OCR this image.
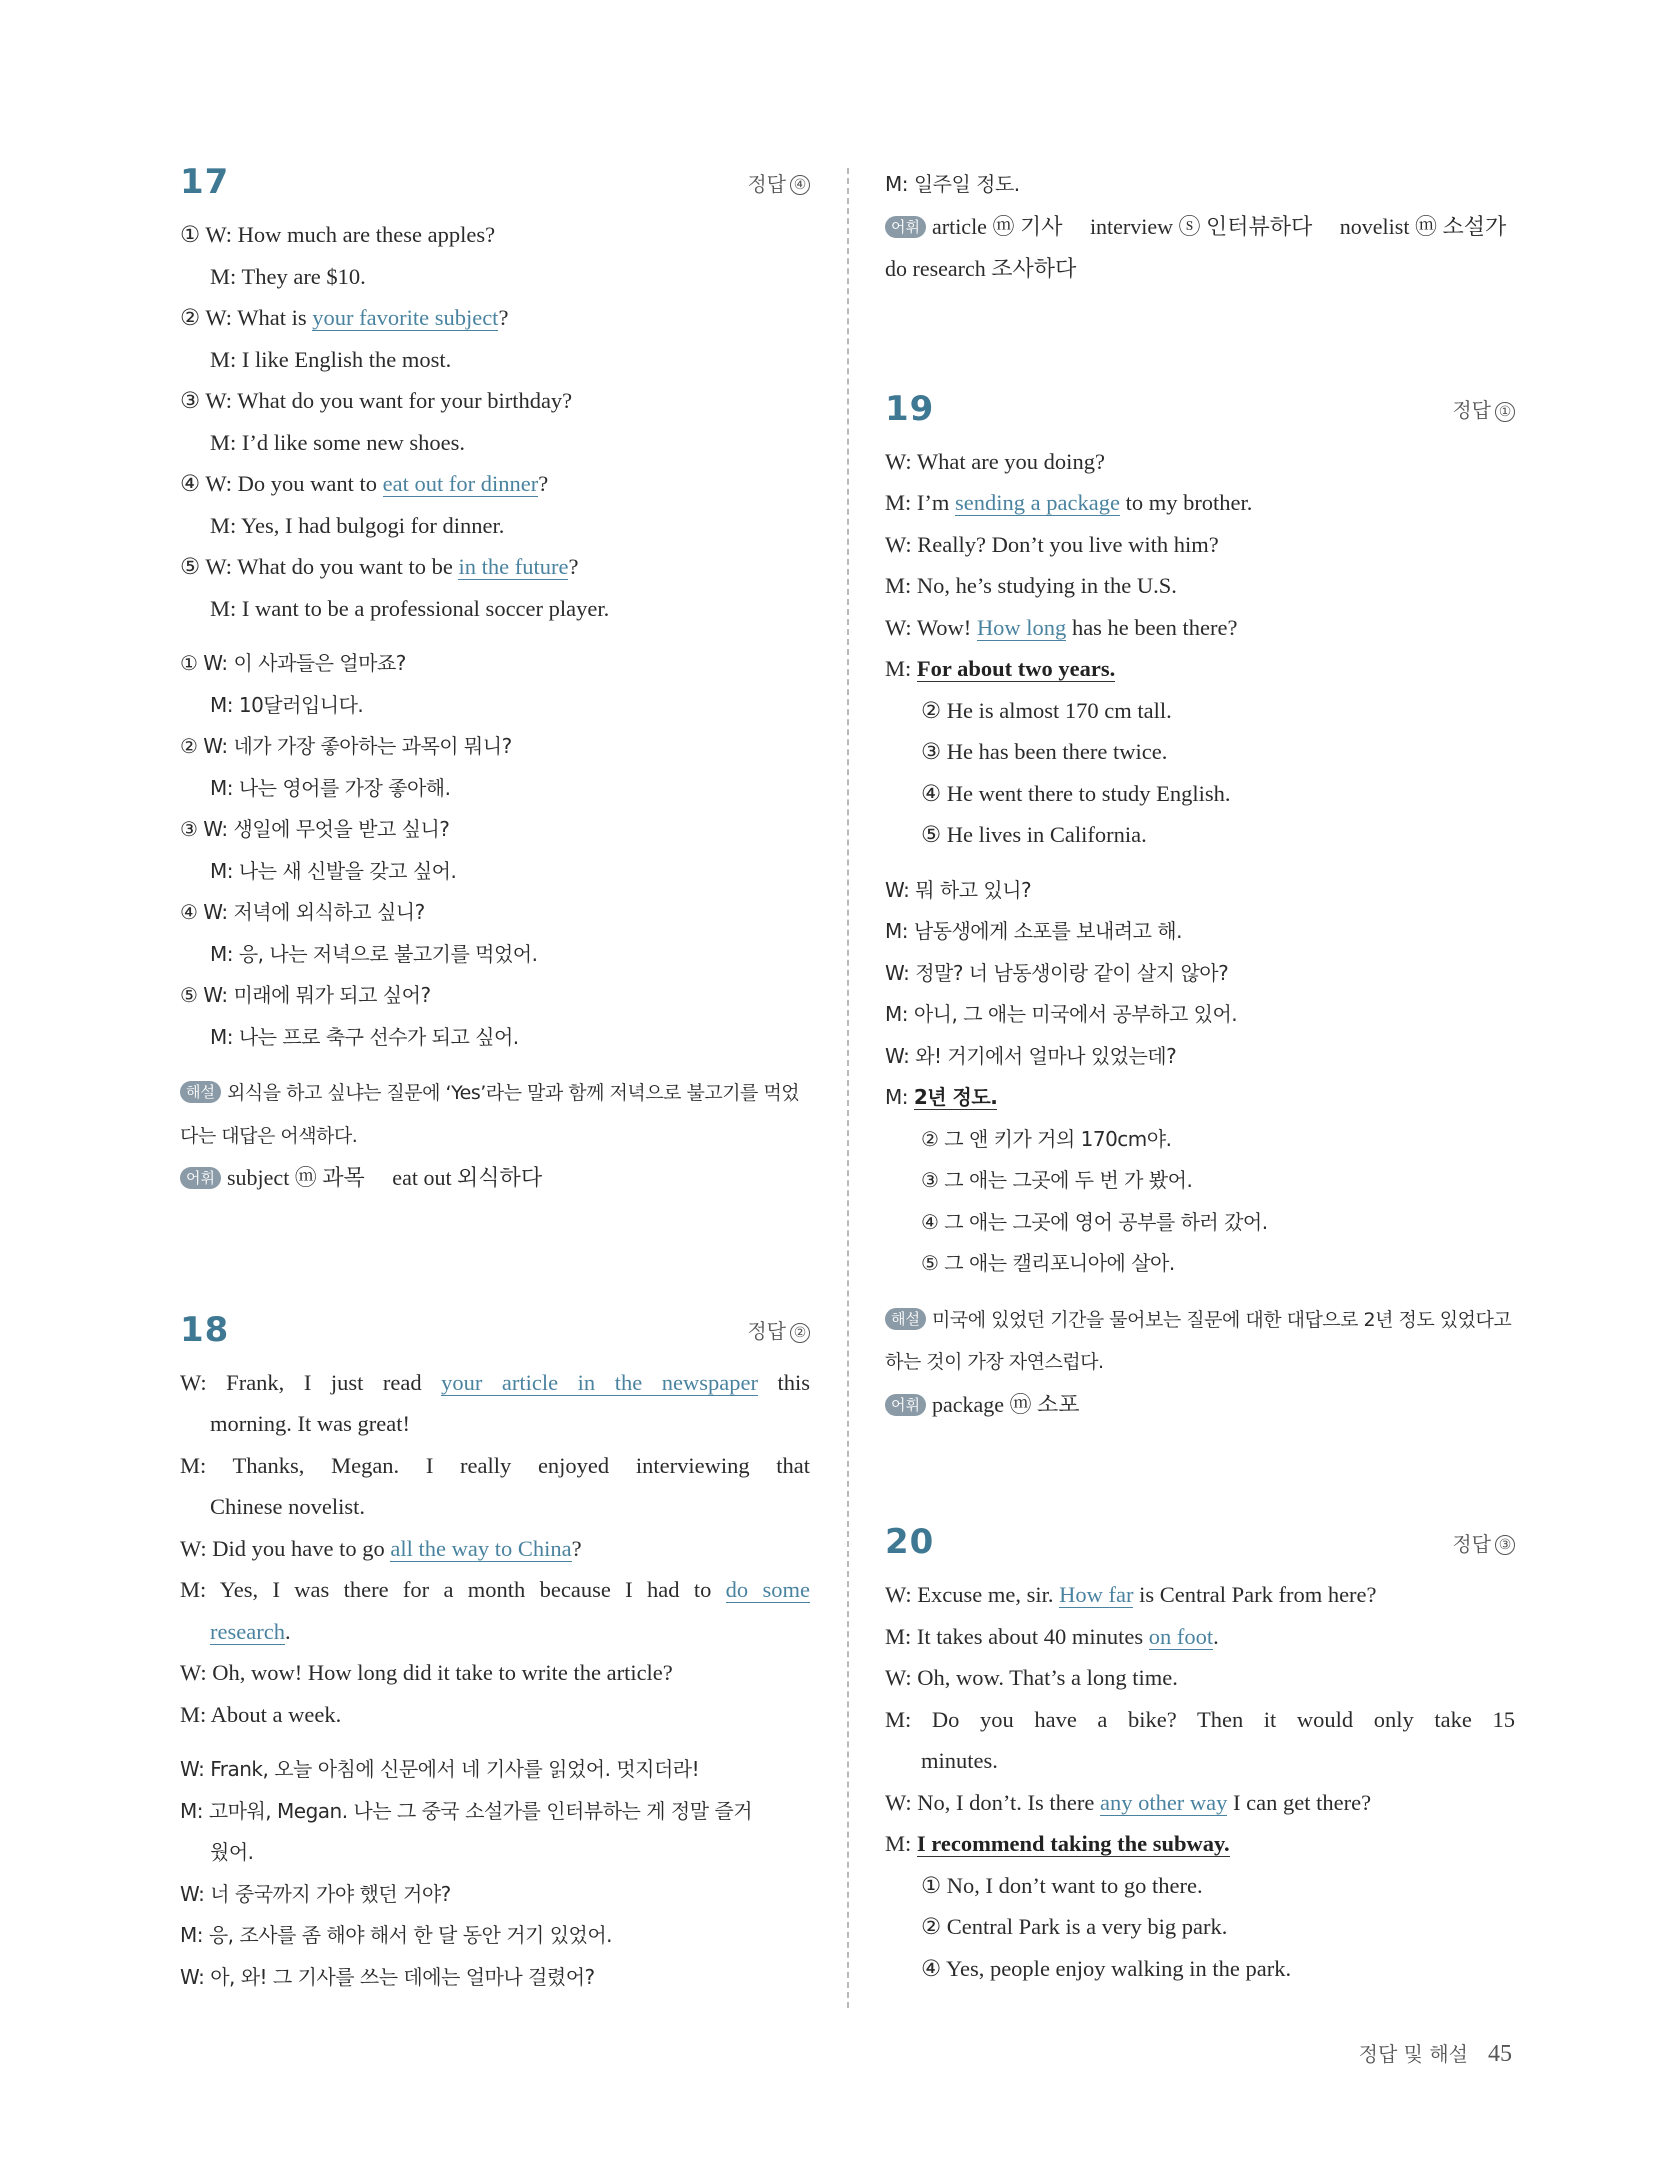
17	정답 ④
① W: How much are these apples?
M: They are $10.
② W: What is your favorite subject?
M: I like English the most.
③ W: What do you want for your birthday?
M: I’d like some new shoes.
④ W: Do you want to eat out for dinner?
M: Yes, I had bulgogi for dinner.
⑤ W: What do you want to be in the future?
M: I want to be a professional soccer player.
① W: 이 사과들은 얼마죠?
M: 10달러입니다.
② W: 네가 가장 좋아하는 과목이 뭐니?
M: 나는 영어를 가장 좋아해.
③ W: 생일에 무엇을 받고 싶니?
M: 나는 새 신발을 갖고 싶어.
④ W: 저녁에 외식하고 싶니?
M: 응, 나는 저녁으로 불고기를 먹었어.
⑤ W: 미래에 뭐가 되고 싶어?
M: 나는 프로 축구 선수가 되고 싶어.
해설 외식을 하고 싶냐는 질문에 ‘Yes’라는 말과 함께 저녁으로 불고기를 먹었다는 대답은 어색하다.
어휘 subject ⓜ 과목     eat out 외식하다
18	정답 ②
W: Frank, I just read your article in the newspaper this
morning. It was great!
M: Thanks, Megan. I really enjoyed interviewing that
Chinese novelist.
W: Did you have to go all the way to China?
M: Yes, I was there for a month because I had to do some
research.
W: Oh, wow! How long did it take to write the article?
M: About a week.
W: Frank, 오늘 아침에 신문에서 네 기사를 읽었어. 멋지더라!
M: 고마워, Megan. 나는 그 중국 소설가를 인터뷰하는 게 정말 즐거
웠어.
W: 너 중국까지 가야 했던 거야?
M: 응, 조사를 좀 해야 해서 한 달 동안 거기 있었어.
W: 아, 와! 그 기사를 쓰는 데에는 얼마나 걸렸어?
M: 일주일 정도.
어휘 article ⓜ 기사     interview ⓢ 인터뷰하다     novelist ⓜ 소설가     do research 조사하다
19	정답 ①
W: What are you doing?
M: I’m sending a package to my brother.
W: Really? Don’t you live with him?
M: No, he’s studying in the U.S.
W: Wow! How long has he been there?
M: For about two years.
② He is almost 170 cm tall.
③ He has been there twice.
④ He went there to study English.
⑤ He lives in California.
W: 뭐 하고 있니?
M: 남동생에게 소포를 보내려고 해.
W: 정말? 너 남동생이랑 같이 살지 않아?
M: 아니, 그 애는 미국에서 공부하고 있어.
W: 와! 거기에서 얼마나 있었는데?
M: 2년 정도.
② 그 앤 키가 거의 170cm야.
③ 그 애는 그곳에 두 번 가 봤어.
④ 그 애는 그곳에 영어 공부를 하러 갔어.
⑤ 그 애는 캘리포니아에 살아.
해설 미국에 있었던 기간을 물어보는 질문에 대한 대답으로 2년 정도 있었다고 하는 것이 가장 자연스럽다.
어휘 package ⓜ 소포
20	정답 ③
W: Excuse me, sir. How far is Central Park from here?
M: It takes about 40 minutes on foot.
W: Oh, wow. That’s a long time.
M: Do you have a bike? Then it would only take 15
minutes.
W: No, I don’t. Is there any other way I can get there?
M: I recommend taking the subway.
① No, I don’t want to go there.
② Central Park is a very big park.
④ Yes, people enjoy walking in the park.
정답 및 해설 45
